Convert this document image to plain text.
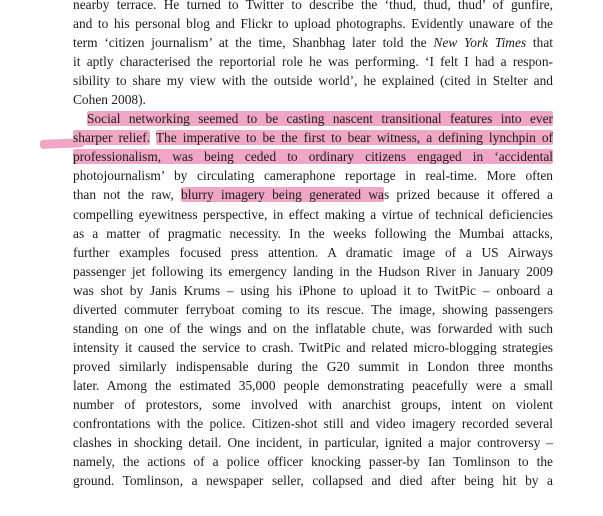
nearby terrace. He turned to Twitter to describe the ‘thud, thud, thud’ of gunfire,
and to his personal blog and Flickr to upload photographs. Evidently unaware of the
term ‘citizen journalism’ at the time, Shanbhag later told the New York Times that
it aptly characterised the reportorial role he was performing. ‘I felt I had a respon-
sibility to share my view with the outside world’, he explained (cited in Stelter and
Cohen 2008).
Social networking seemed to be casting nascent transitional features into ever
sharper relief. The imperative to be the first to bear witness, a defining lynchpin of
professionalism, was being ceded to ordinary citizens engaged in ‘accidental
photojournalism’ by circulating cameraphone reportage in real-time. More often
than not the raw, blurry imagery being generated was prized because it offered a
compelling eyewitness perspective, in effect making a virtue of technical deficiencies
as a matter of pragmatic necessity. In the weeks following the Mumbai attacks,
further examples focused press attention. A dramatic image of a US Airways
passenger jet following its emergency landing in the Hudson River in January 2009
was shot by Janis Krums – using his iPhone to upload it to TwitPic – onboard a
diverted commuter ferryboat coming to its rescue. The image, showing passengers
standing on one of the wings and on the inflatable chute, was forwarded with such
intensity it caused the service to crash. TwitPic and related micro-blogging strategies
proved similarly indispensable during the G20 summit in London three months
later. Among the estimated 35,000 people demonstrating peacefully were a small
number of protestors, some involved with anarchist groups, intent on violent
confrontations with the police. Citizen-shot still and video imagery recorded several
clashes in shocking detail. One incident, in particular, ignited a major controversy –
namely, the actions of a police officer knocking passer-by Ian Tomlinson to the
ground. Tomlinson, a newspaper seller, collapsed and died after being hit by a
